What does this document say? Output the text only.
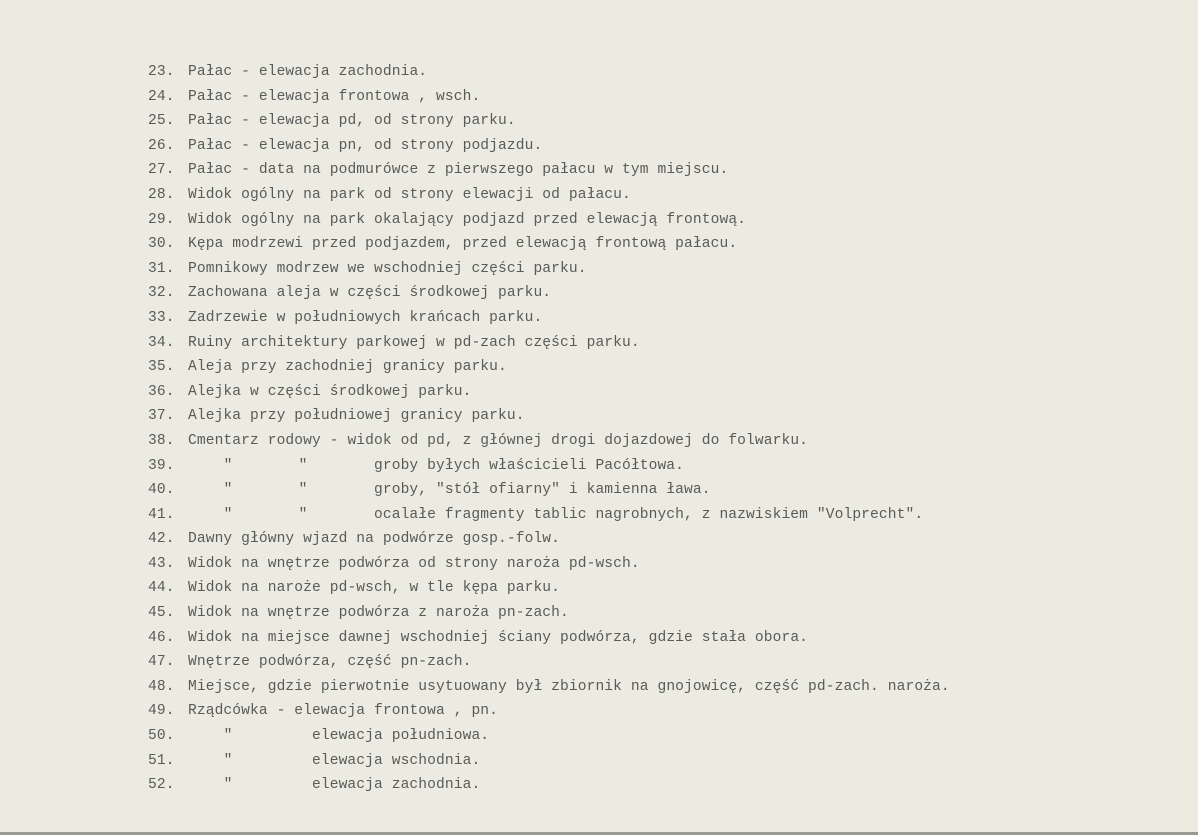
23. Pałac - elewacja zachodnia.
24. Pałac - elewacja frontowa , wsch.
25. Pałac - elewacja pd, od strony parku.
26. Pałac - elewacja pn, od strony podjazdu.
27. Pałac - data na podmurówce z pierwszego pałacu w tym miejscu.
28. Widok ogólny na park od strony elewacji od pałacu.
29. Widok ogólny na park okalający podjazd przed elewacją frontową.
30. Kępa modrzewi przed podjazdem, przed elewacją frontową pałacu.
31. Pomnikowy modrzew we wschodniej części parku.
32. Zachowana aleja w części środkowej parku.
33. Zadrzewie w południowych krańcach parku.
34. Ruiny architektury parkowej w pd-zach części parku.
35. Aleja przy zachodniej granicy parku.
36. Alejka w części środkowej parku.
37. Alejka przy południowej granicy parku.
38. Cmentarz rodowy - widok od pd, z głównej drogi dojazdowej do folwarku.
39.	"	"	groby byłych właścicieli Pacółtowa.
40.	"	"	groby, "stół ofiarny" i kamienna ława.
41.	"	"	ocalałe fragmenty tablic nagrobnych, z nazwiskiem "Volprecht".
42. Dawny główny wjazd na podwórze gosp.-folw.
43. Widok na wnętrze podwórza od strony naroża pd-wsch.
44. Widok na naroże pd-wsch, w tle kępa parku.
45. Widok na wnętrze podwórza z naroża pn-zach.
46. Widok na miejsce dawnej wschodniej ściany podwórza, gdzie stała obora.
47. Wnętrze podwórza, część pn-zach.
48. Miejsce, gdzie pierwotnie usytuowany był zbiornik na gnojowicę, część pd-zach. naroża.
49. Rządcówka - elewacja frontowa , pn.
50.	"	elewacja południowa.
51.	"	elewacja wschodnia.
52.	"	elewacja zachodnia.
